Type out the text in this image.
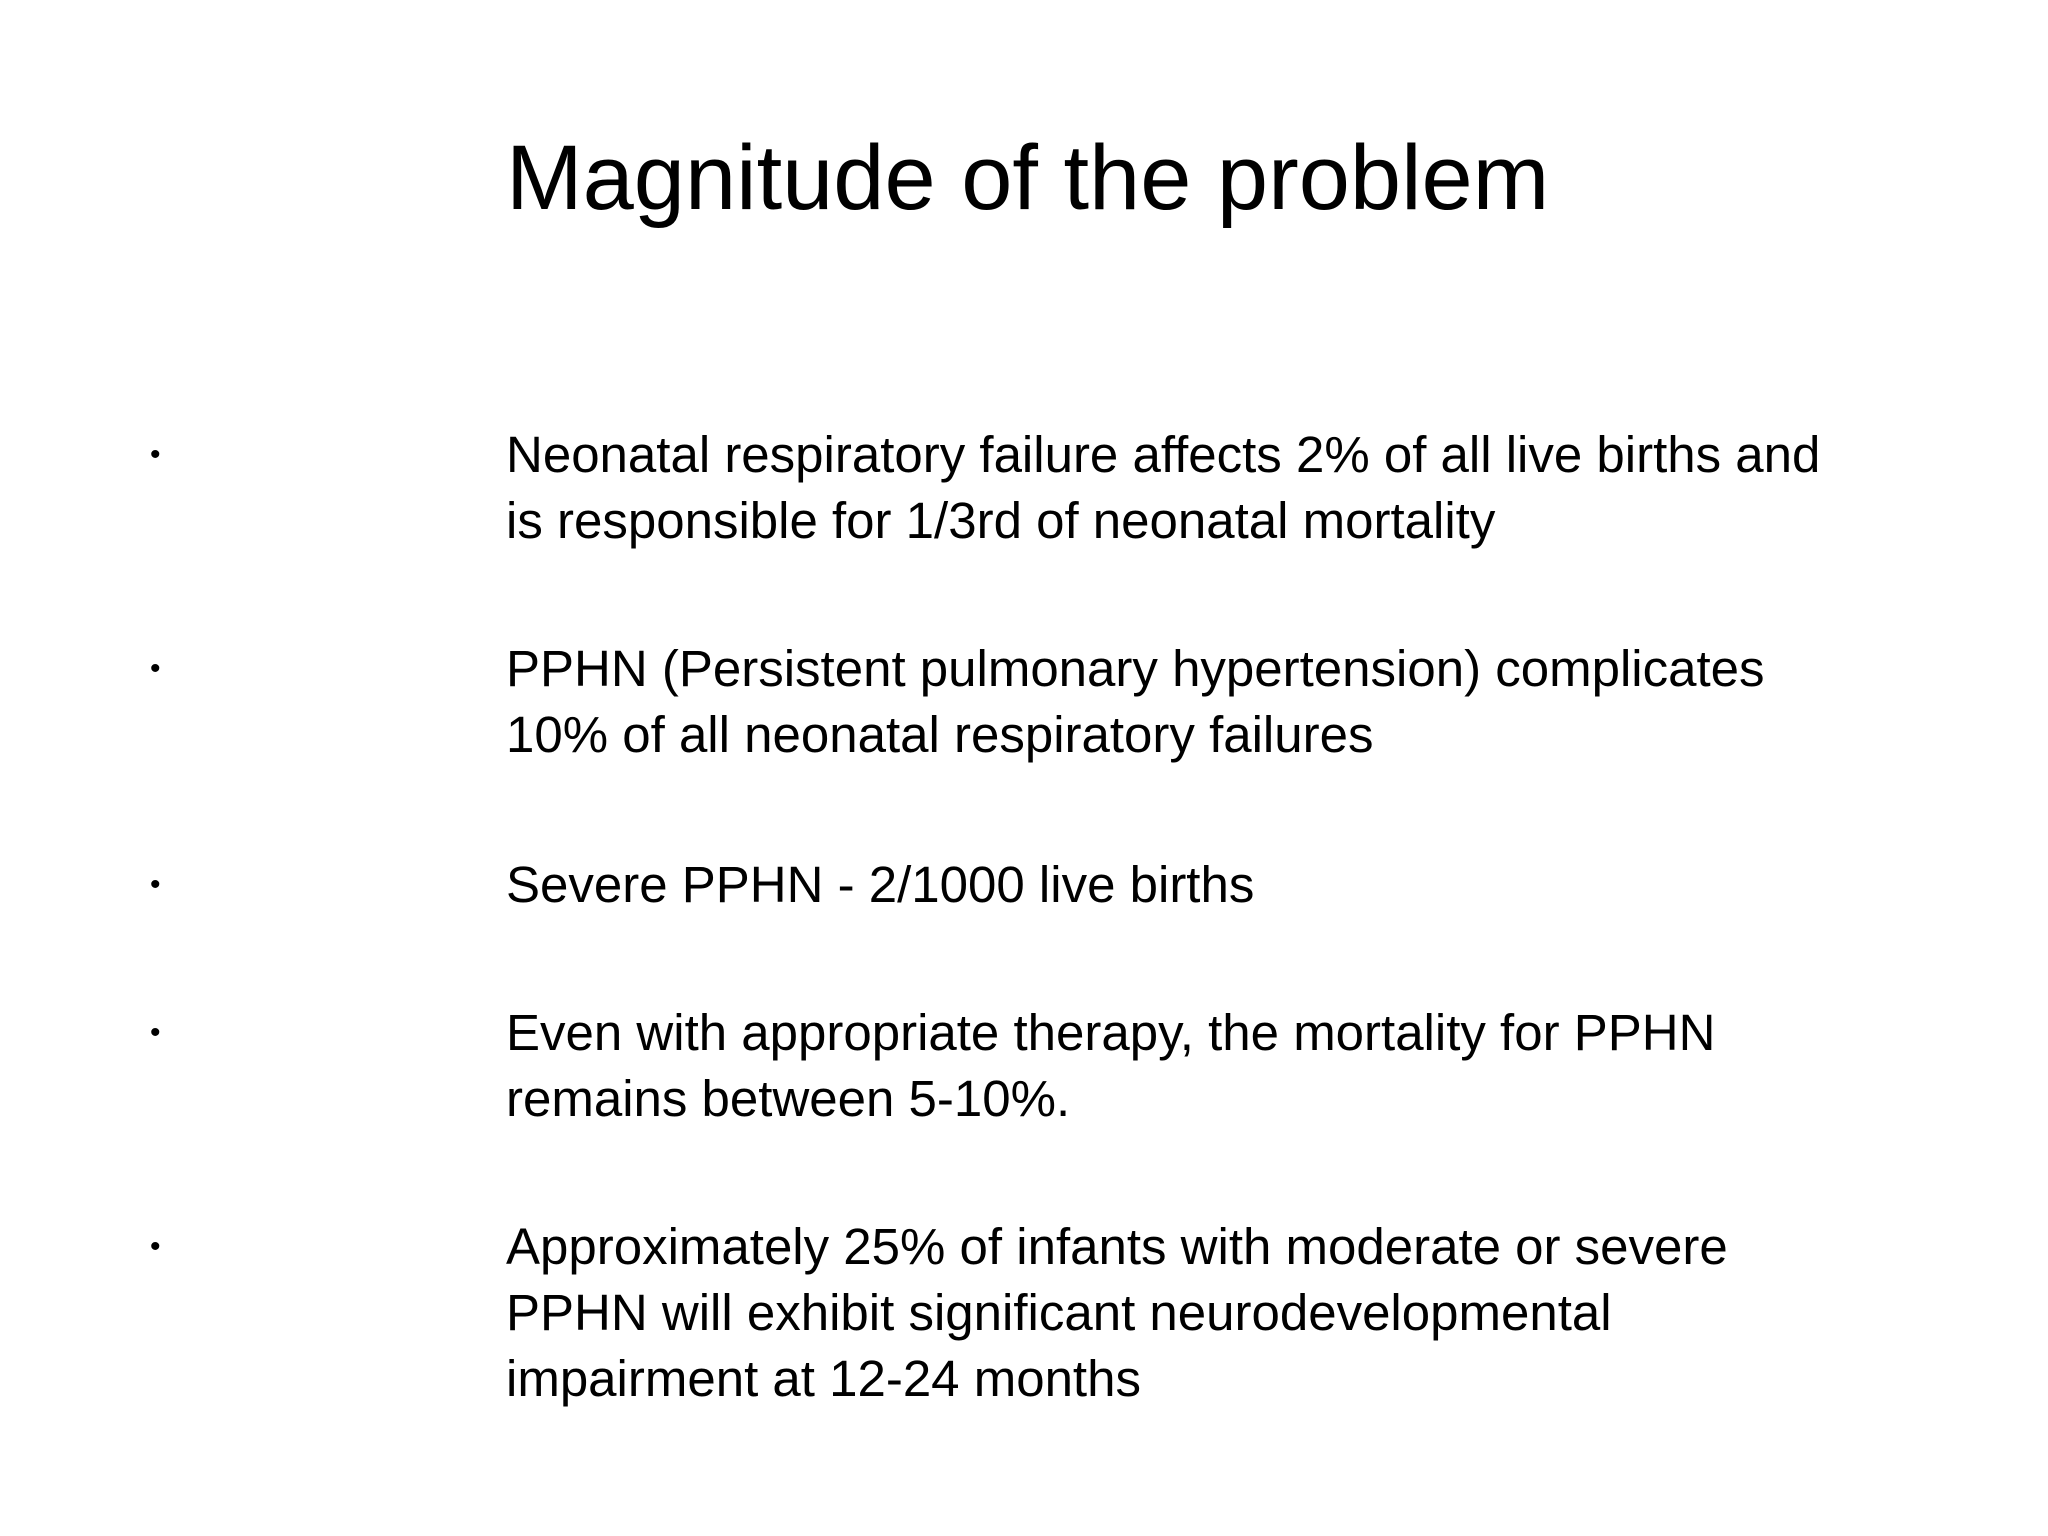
Magnitude of the problem
•	Neonatal respiratory failure affects 2% of all live births and
is responsible for 1/3rd of neonatal mortality
•	PPHN (Persistent pulmonary hypertension) complicates
10% of all neonatal respiratory failures
•	Severe PPHN - 2/1000 live births
•	Even with appropriate therapy, the mortality for PPHN
remains between 5-10%.
•	Approximately 25% of infants with moderate or severe
PPHN will exhibit significant neurodevelopmental
impairment at 12-24 months
